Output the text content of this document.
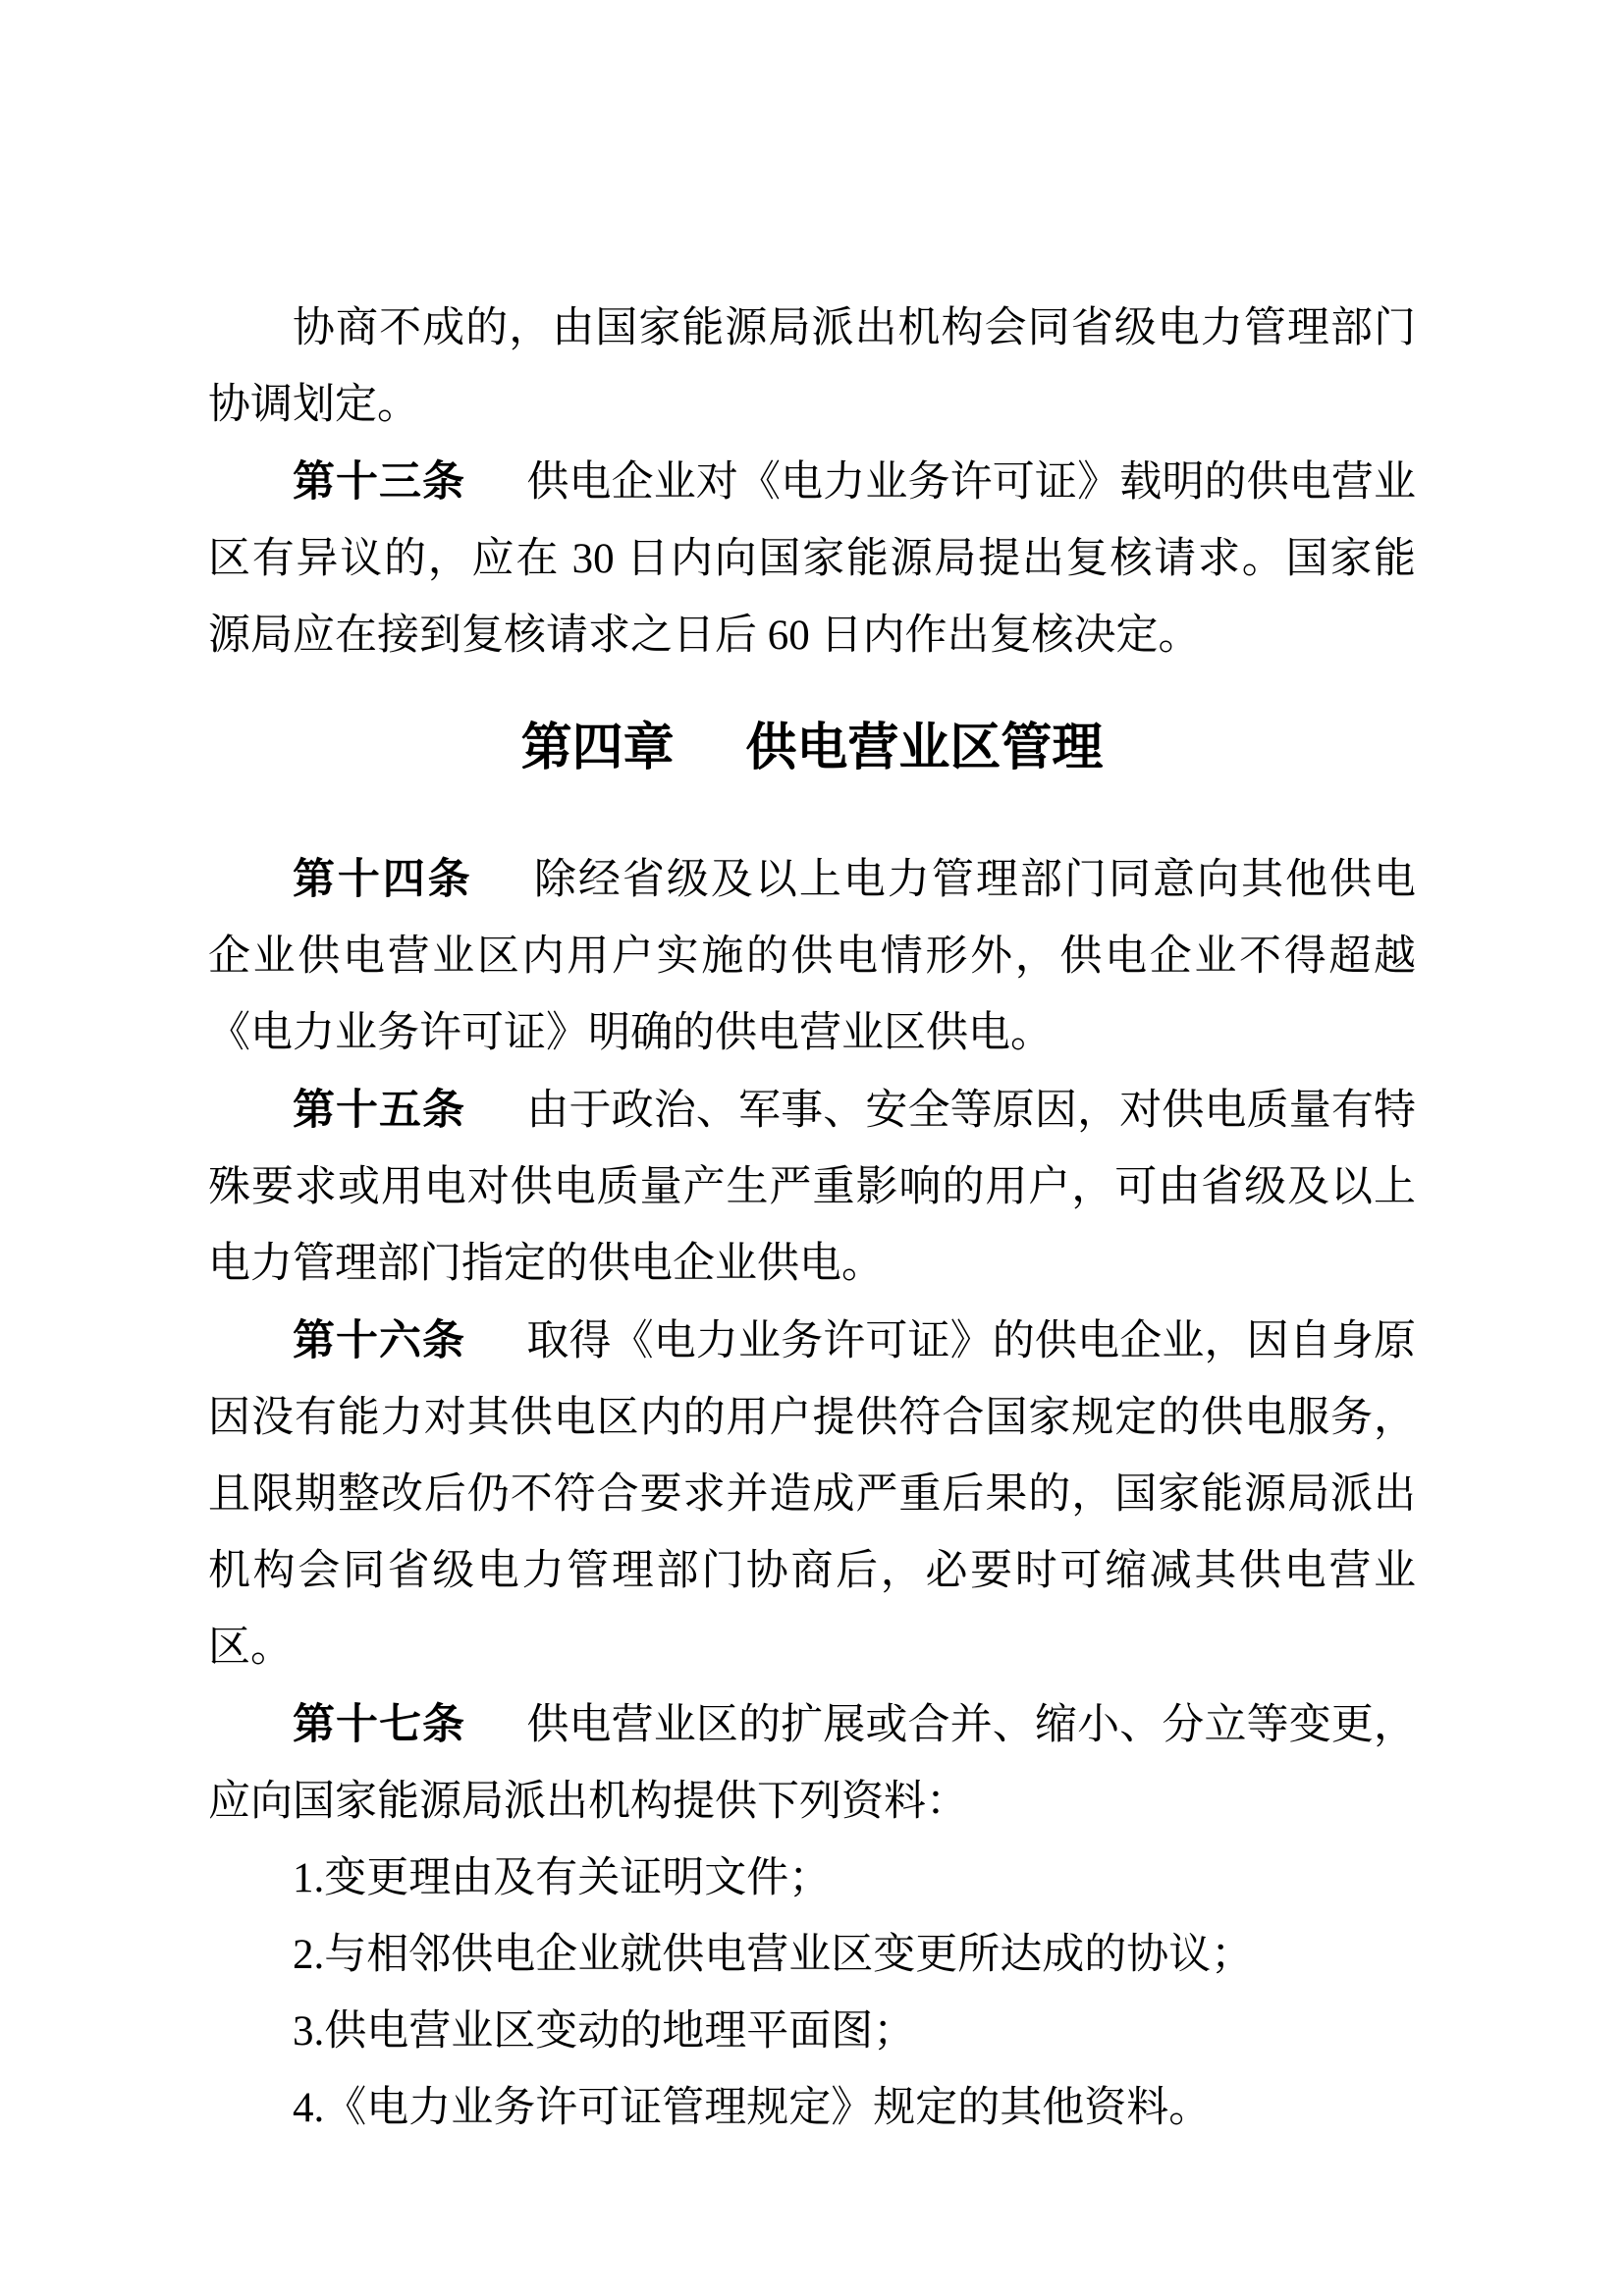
协商不成的，由国家能源局派出机构会同省级电力管理部门
协调划定。
第十三条 供电企业对《电力业务许可证》载明的供电营业
区有异议的，应在 30 日内向国家能源局提出复核请求。国家能
源局应在接到复核请求之日后 60 日内作出复核决定。
第四章 供电营业区管理
第十四条 除经省级及以上电力管理部门同意向其他供电
企业供电营业区内用户实施的供电情形外，供电企业不得超越
《电力业务许可证》明确的供电营业区供电。
第十五条 由于政治、军事、安全等原因，对供电质量有特
殊要求或用电对供电质量产生严重影响的用户，可由省级及以上
电力管理部门指定的供电企业供电。
第十六条 取得《电力业务许可证》的供电企业，因自身原
因没有能力对其供电区内的用户提供符合国家规定的供电服务，
且限期整改后仍不符合要求并造成严重后果的，国家能源局派出
机构会同省级电力管理部门协商后，必要时可缩减其供电营业区。
第十七条 供电营业区的扩展或合并、缩小、分立等变更，
应向国家能源局派出机构提供下列资料：
1.变更理由及有关证明文件；
2.与相邻供电企业就供电营业区变更所达成的协议；
3.供电营业区变动的地理平面图；
4.《电力业务许可证管理规定》规定的其他资料。
